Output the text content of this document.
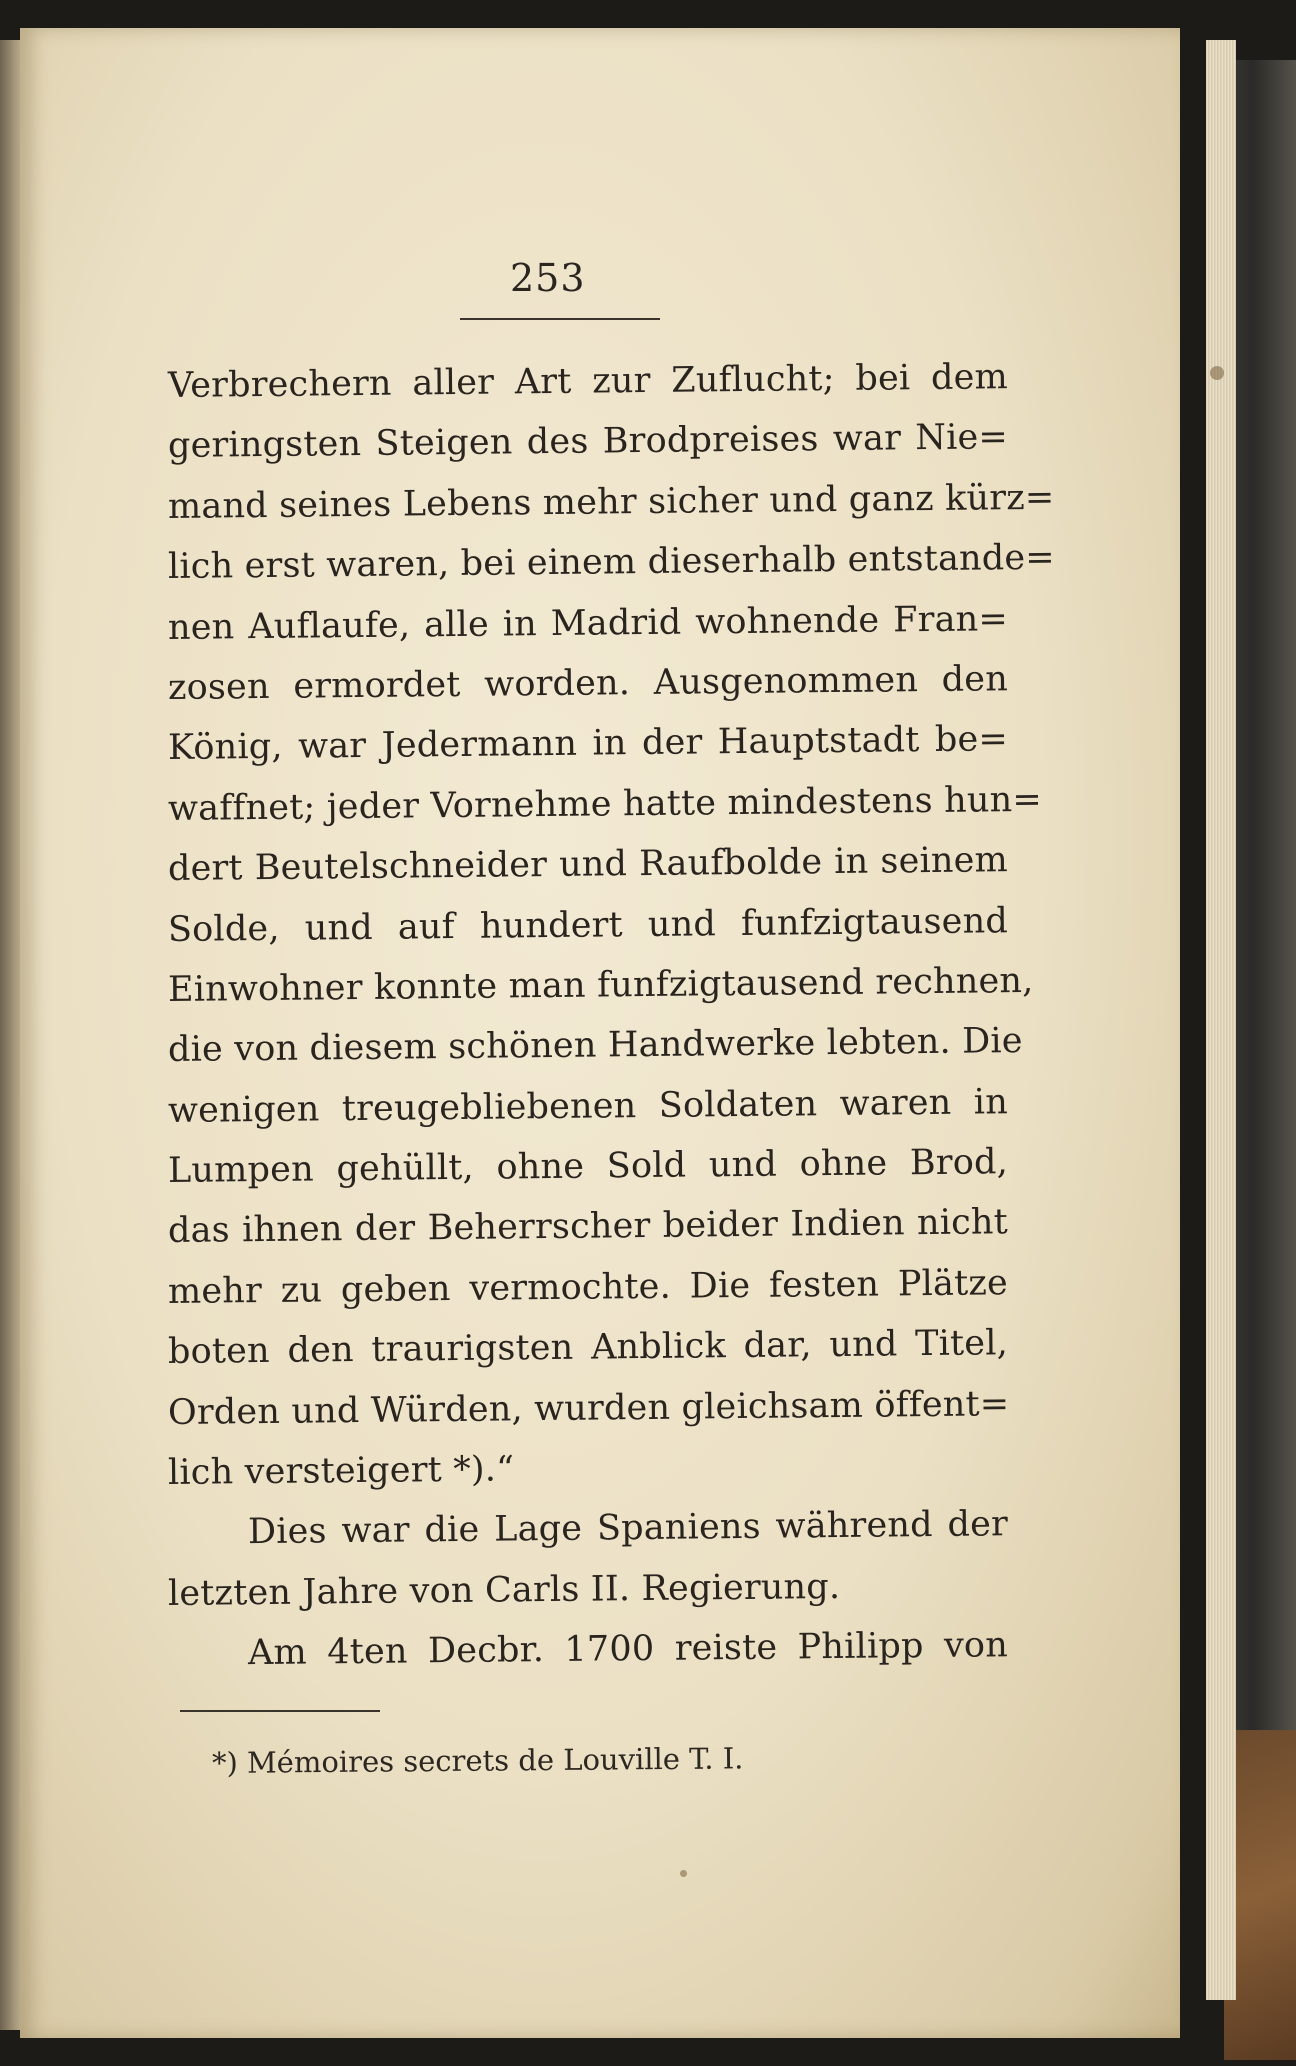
253
Verbrechern aller Art zur Zuflucht; bei dem
geringsten Steigen des Brodpreises war Nie=
mand seines Lebens mehr sicher und ganz kürz=
lich erst waren, bei einem dieserhalb entstande=
nen Auflaufe, alle in Madrid wohnende Fran=
zosen ermordet worden. Ausgenommen den
König, war Jedermann in der Hauptstadt be=
waffnet; jeder Vornehme hatte mindestens hun=
dert Beutelschneider und Raufbolde in seinem
Solde, und auf hundert und funfzigtausend
Einwohner konnte man funfzigtausend rechnen,
die von diesem schönen Handwerke lebten. Die
wenigen treugebliebenen Soldaten waren in
Lumpen gehüllt, ohne Sold und ohne Brod,
das ihnen der Beherrscher beider Indien nicht
mehr zu geben vermochte. Die festen Plätze
boten den traurigsten Anblick dar, und Titel,
Orden und Würden, wurden gleichsam öffent=
lich versteigert *).“
Dies war die Lage Spaniens während der
letzten Jahre von Carls II. Regierung.
Am 4ten Decbr. 1700 reiste Philipp von
*) Mémoires secrets de Louville T. I.
